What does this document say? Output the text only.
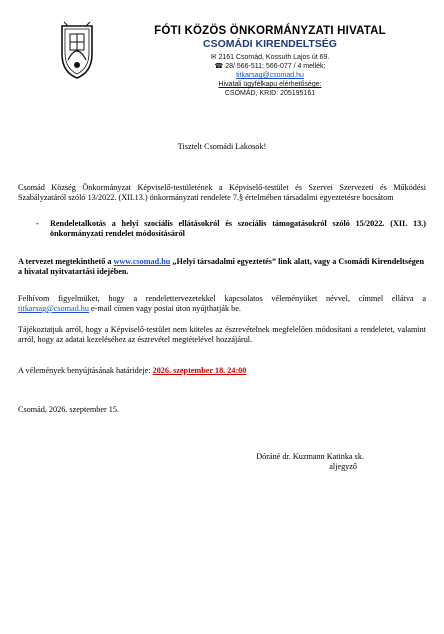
FÓTI KÖZÖS ÖNKORMÁNYZATI HIVATAL
CSOMÁDI KIRENDELTSÉG
✉ 2161 Csomád, Kossuth Lajos út 69.
☎ 28/ 566-511; 566-077 / 4 mellék;
titkarsag@csomad.hu
Hivatali ügyfélkapu elérhetősége:
CSOMÁD, KRID: 205195161
Tisztelt Csomádi Lakosok!
Csomád Község Önkormányzat Képviselő-testületének a Képviselő-testület és Szervei Szervezeti és Működési Szabályzatáról szóló 13/2022. (XII.13.) önkormányzati rendelete 7.§ értelmében társadalmi egyeztetésre bocsátom
-	Rendeletalkotás a helyi szociális ellátásokról és szociális támogatásokról szóló 15/2022. (XII. 13.) önkormányzati rendelet módosításáról
A tervezet megtekinthető a www.csomad.hu „Helyi társadalmi egyeztetés” link alatt, vagy a Csomádi Kirendeltségen a hivatal nyitvatartási idejében.
Felhívom figyelmüket, hogy a rendelettervezetekkel kapcsolatos véleményüket névvel, címmel ellátva a titkarsag@csomad.hu e-mail címen vagy postai úton nyújthatják be.
Tájékoztatjuk arról, hogy a Képviselő-testület nem köteles az észrevételnek megfelelően módosítani a rendeletet, valamint arról, hogy az adatai kezeléséhez az észrevétel megtételével hozzájárul.
A vélemények benyújtásának határideje: 2026. szeptember 18. 24:00
Csomád, 2026. szeptember 15.
Dóráné dr. Kuzmann Katinka sk.
aljegyző
